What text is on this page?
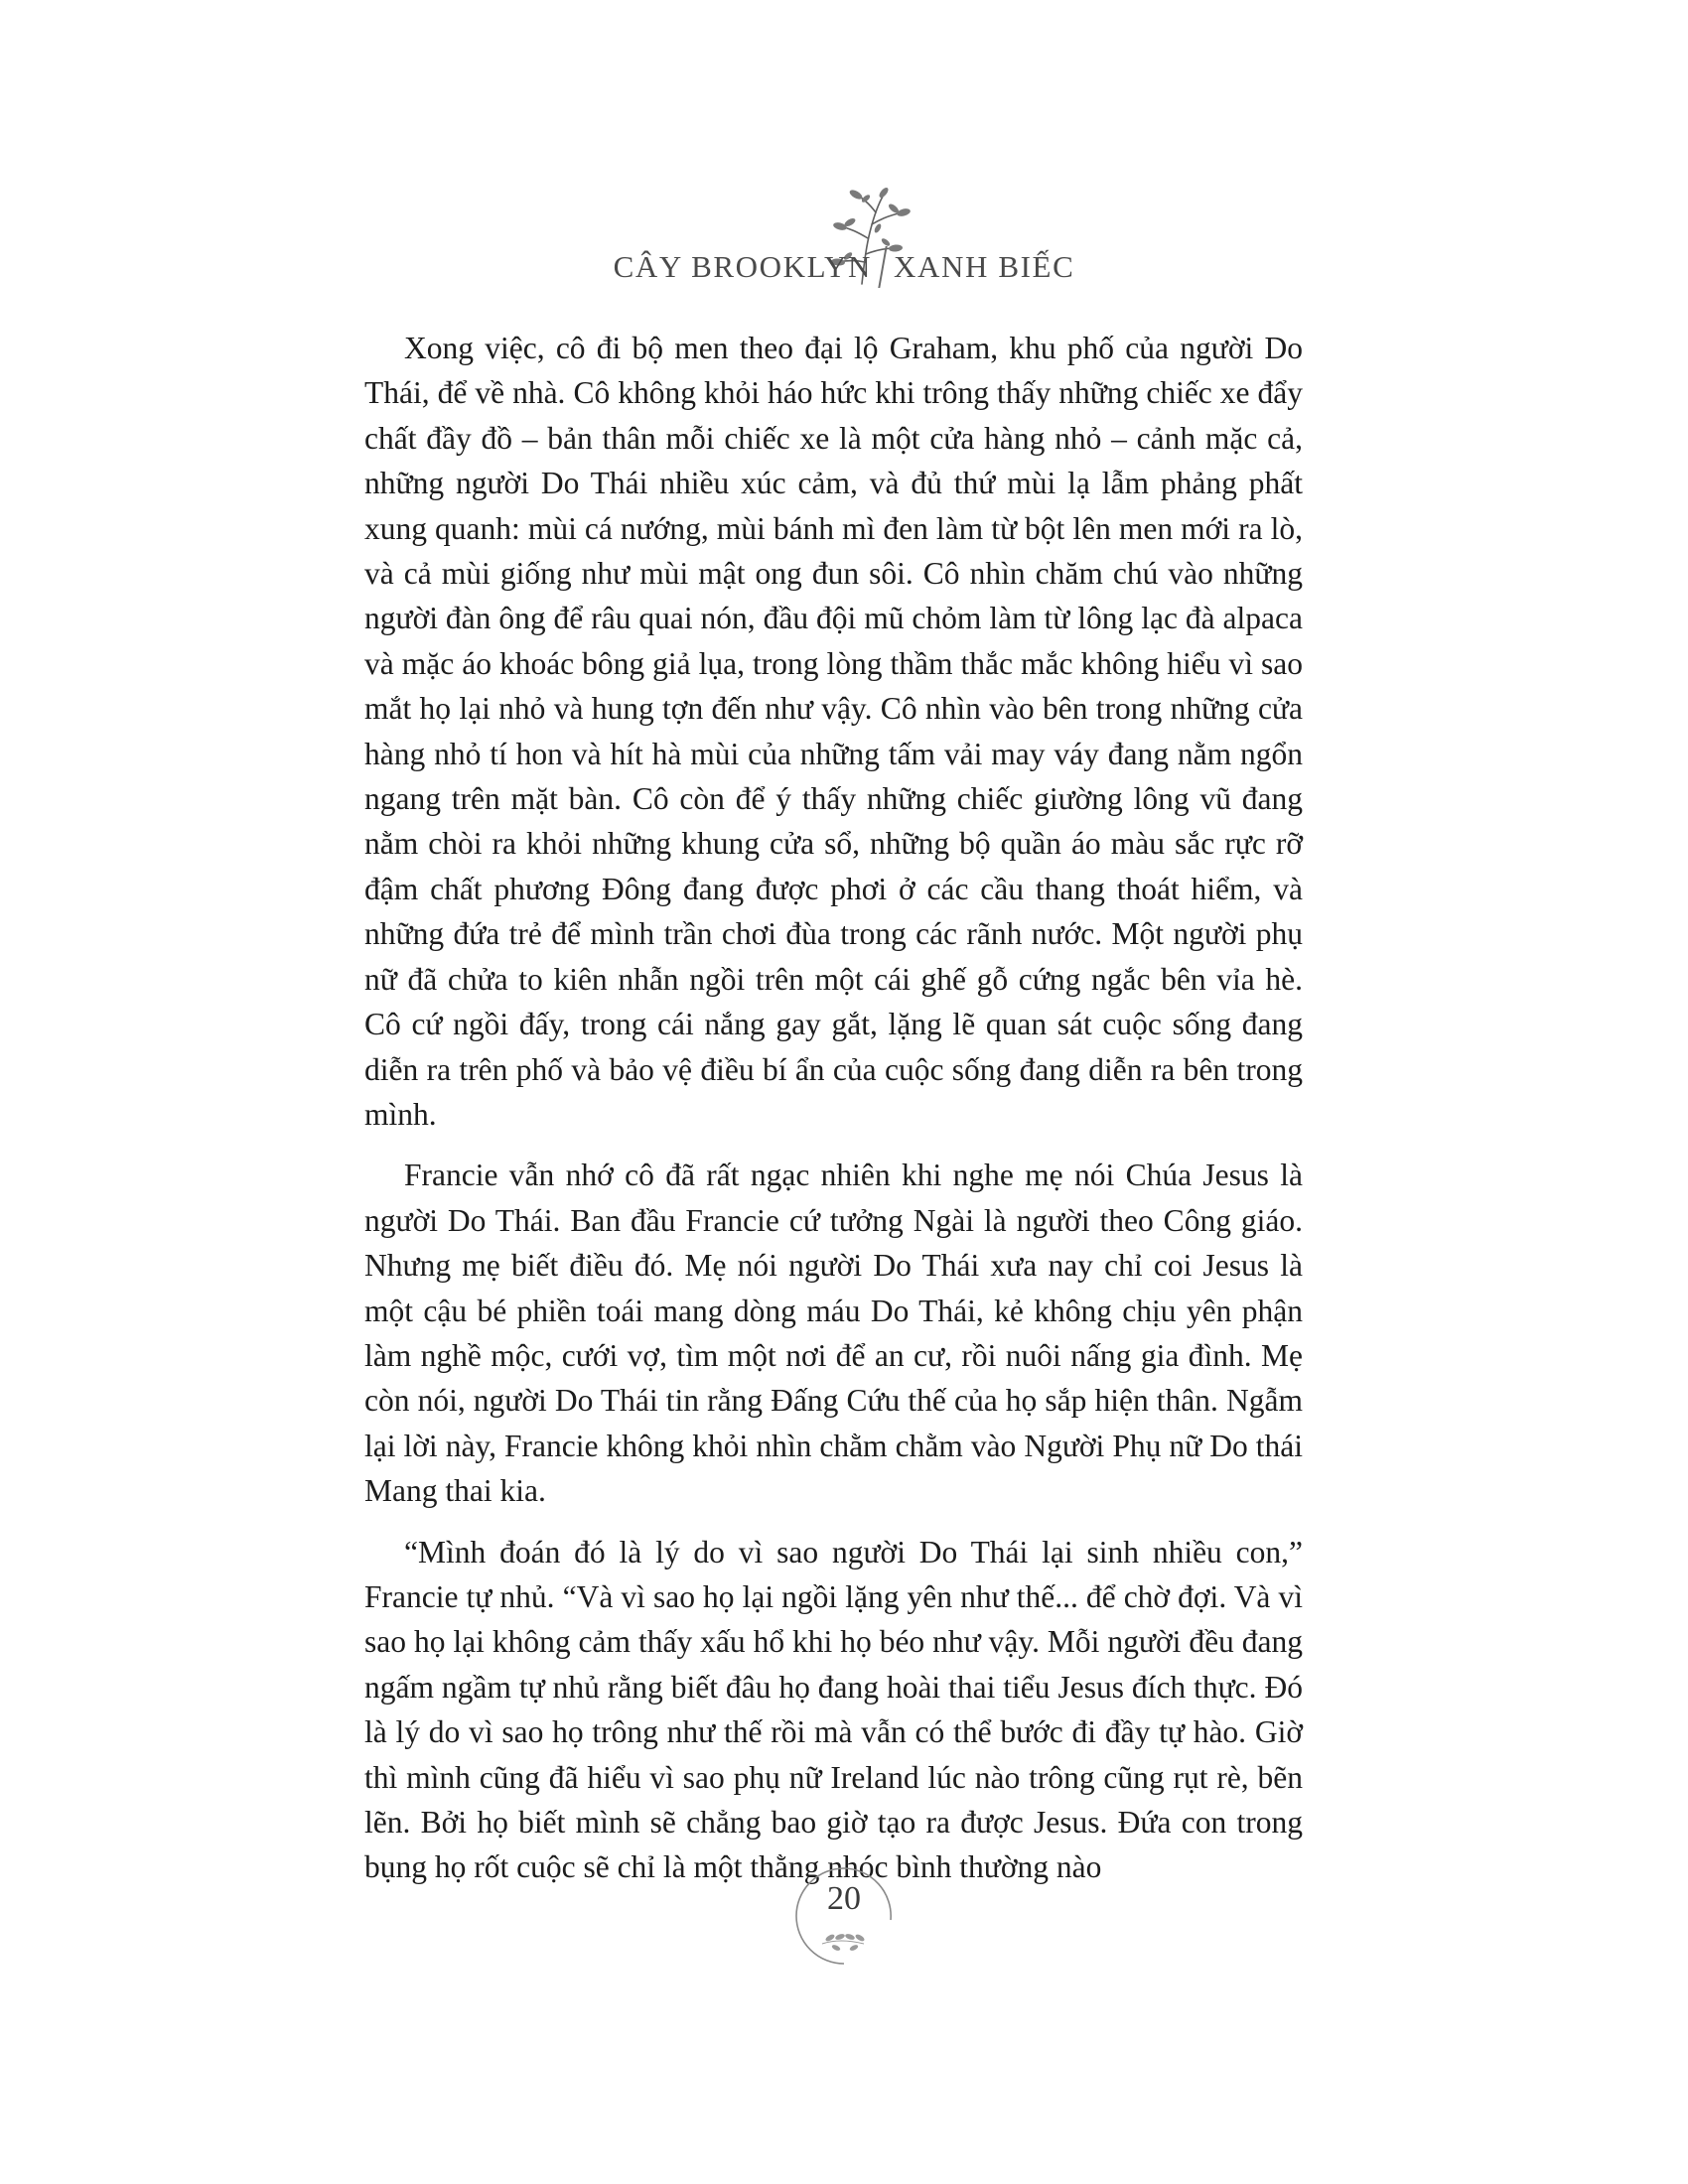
CÂY BROOKLYN XANH BIẾC

Xong việc, cô đi bộ men theo đại lộ Graham, khu phố của người Do Thái, để về nhà. Cô không khỏi háo hức khi trông thấy những chiếc xe đẩy chất đầy đồ – bản thân mỗi chiếc xe là một cửa hàng nhỏ – cảnh mặc cả, những người Do Thái nhiều xúc cảm, và đủ thứ mùi lạ lẫm phảng phất xung quanh: mùi cá nướng, mùi bánh mì đen làm từ bột lên men mới ra lò, và cả mùi giống như mùi mật ong đun sôi. Cô nhìn chăm chú vào những người đàn ông để râu quai nón, đầu đội mũ chỏm làm từ lông lạc đà alpaca và mặc áo khoác bông giả lụa, trong lòng thầm thắc mắc không hiểu vì sao mắt họ lại nhỏ và hung tợn đến như vậy. Cô nhìn vào bên trong những cửa hàng nhỏ tí hon và hít hà mùi của những tấm vải may váy đang nằm ngổn ngang trên mặt bàn. Cô còn để ý thấy những chiếc giường lông vũ đang nằm chòi ra khỏi những khung cửa sổ, những bộ quần áo màu sắc rực rỡ đậm chất phương Đông đang được phơi ở các cầu thang thoát hiểm, và những đứa trẻ để mình trần chơi đùa trong các rãnh nước. Một người phụ nữ đã chửa to kiên nhẫn ngồi trên một cái ghế gỗ cứng ngắc bên vỉa hè. Cô cứ ngồi đấy, trong cái nắng gay gắt, lặng lẽ quan sát cuộc sống đang diễn ra trên phố và bảo vệ điều bí ẩn của cuộc sống đang diễn ra bên trong mình.

Francie vẫn nhớ cô đã rất ngạc nhiên khi nghe mẹ nói Chúa Jesus là người Do Thái. Ban đầu Francie cứ tưởng Ngài là người theo Công giáo. Nhưng mẹ biết điều đó. Mẹ nói người Do Thái xưa nay chỉ coi Jesus là một cậu bé phiền toái mang dòng máu Do Thái, kẻ không chịu yên phận làm nghề mộc, cưới vợ, tìm một nơi để an cư, rồi nuôi nấng gia đình. Mẹ còn nói, người Do Thái tin rằng Đấng Cứu thế của họ sắp hiện thân. Ngẫm lại lời này, Francie không khỏi nhìn chằm chằm vào Người Phụ nữ Do thái Mang thai kia.

“Mình đoán đó là lý do vì sao người Do Thái lại sinh nhiều con,” Francie tự nhủ. “Và vì sao họ lại ngồi lặng yên như thế... để chờ đợi. Và vì sao họ lại không cảm thấy xấu hổ khi họ béo như vậy. Mỗi người đều đang ngấm ngầm tự nhủ rằng biết đâu họ đang hoài thai tiểu Jesus đích thực. Đó là lý do vì sao họ trông như thế rồi mà vẫn có thể bước đi đầy tự hào. Giờ thì mình cũng đã hiểu vì sao phụ nữ Ireland lúc nào trông cũng rụt rè, bẽn lẽn. Bởi họ biết mình sẽ chẳng bao giờ tạo ra được Jesus. Đứa con trong bụng họ rốt cuộc sẽ chỉ là một thằng nhóc bình thường nào

20
